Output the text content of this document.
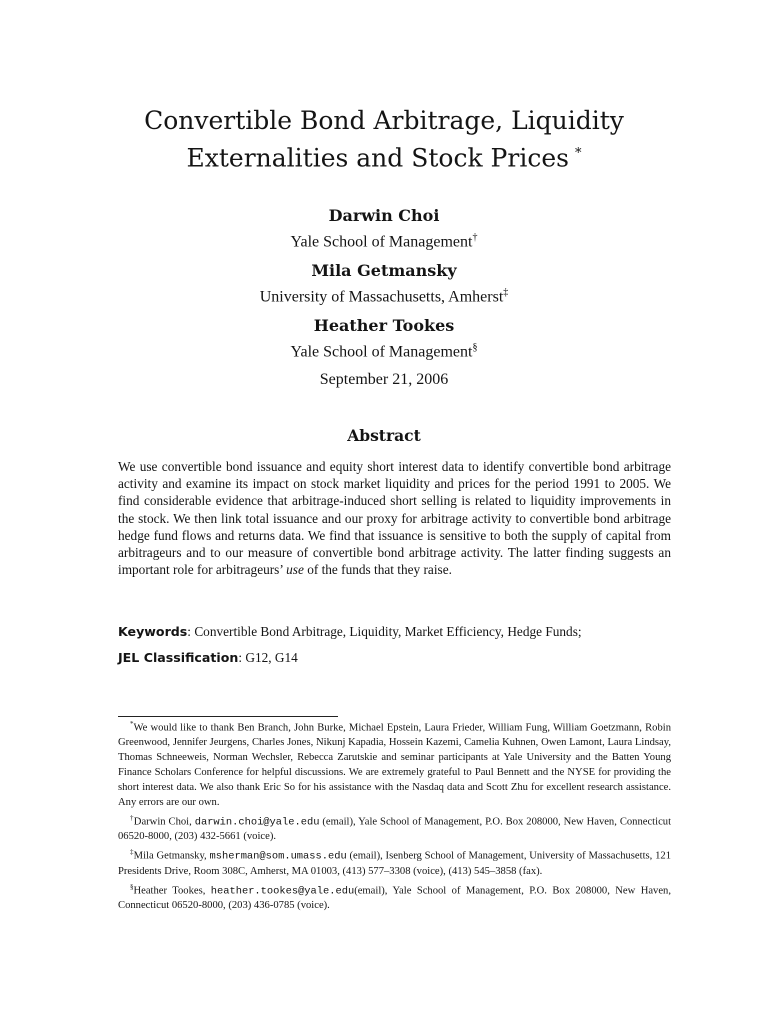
Convertible Bond Arbitrage, Liquidity
Externalities and Stock Prices *
Darwin Choi
Yale School of Management†
Mila Getmansky
University of Massachusetts, Amherst‡
Heather Tookes
Yale School of Management§
September 21, 2006
Abstract
We use convertible bond issuance and equity short interest data to identify convertible bond arbitrage activity and examine its impact on stock market liquidity and prices for the period 1991 to 2005. We find considerable evidence that arbitrage-induced short selling is related to liquidity improvements in the stock. We then link total issuance and our proxy for arbitrage activity to convertible bond arbitrage hedge fund flows and returns data. We find that issuance is sensitive to both the supply of capital from arbitrageurs and to our measure of convertible bond arbitrage activity. The latter finding suggests an important role for arbitrageurs’ use of the funds that they raise.
Keywords: Convertible Bond Arbitrage, Liquidity, Market Efficiency, Hedge Funds;
JEL Classification: G12, G14

*We would like to thank Ben Branch, John Burke, Michael Epstein, Laura Frieder, William Fung, William Goetzmann, Robin Greenwood, Jennifer Jeurgens, Charles Jones, Nikunj Kapadia, Hossein Kazemi, Camelia Kuhnen, Owen Lamont, Laura Lindsay, Thomas Schneeweis, Norman Wechsler, Rebecca Zarutskie and seminar participants at Yale University and the Batten Young Finance Scholars Conference for helpful discussions. We are extremely grateful to Paul Bennett and the NYSE for providing the short interest data. We also thank Eric So for his assistance with the Nasdaq data and Scott Zhu for excellent research assistance. Any errors are our own.

†Darwin Choi, darwin.choi@yale.edu (email), Yale School of Management, P.O. Box 208000, New Haven, Connecticut 06520-8000, (203) 432-5661 (voice).

‡Mila Getmansky, msherman@som.umass.edu (email), Isenberg School of Management, University of Massachusetts, 121 Presidents Drive, Room 308C, Amherst, MA 01003, (413) 577–3308 (voice), (413) 545–3858 (fax).

§Heather Tookes, heather.tookes@yale.edu(email), Yale School of Management, P.O. Box 208000, New Haven, Connecticut 06520-8000, (203) 436-0785 (voice).
